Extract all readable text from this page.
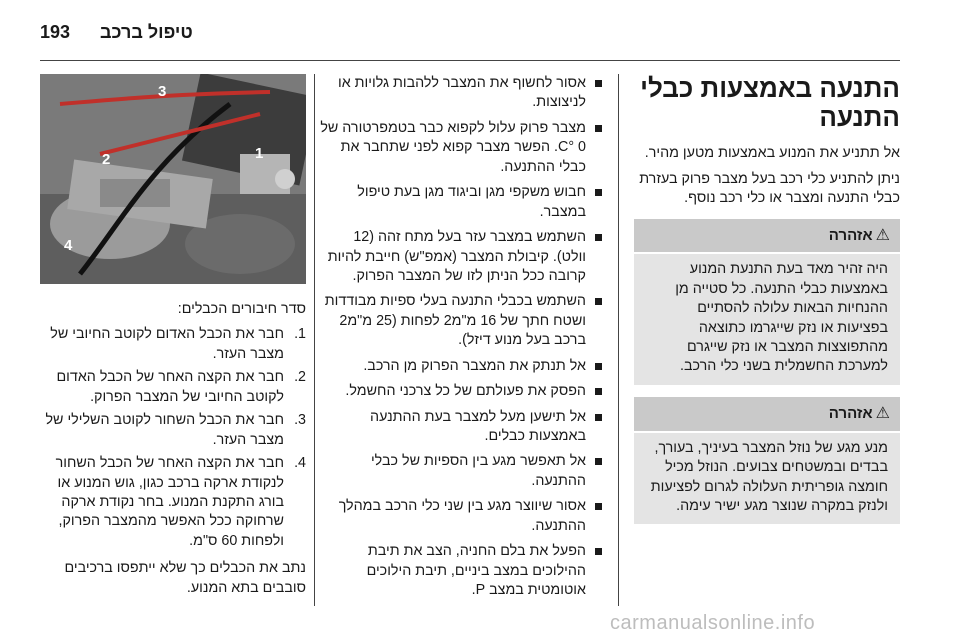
193 טיפול ברכב
התנעה באמצעות כבלי התנעה

אל תתניע את המנוע באמצעות מטען מהיר.

ניתן להתניע כלי רכב בעל מצבר פרוק בעזרת כבלי התנעה ומצבר או כלי רכב נוסף.

⚠אזהרה
היה זהיר מאד בעת התנעת המנוע באמצעות כבלי התנעה. כל סטייה מן ההנחיות הבאות עלולה להסתיים בפציעות או נזק שייגרמו כתוצאה מהתפוצצות המצבר או נזק שייגרם למערכת החשמלית בשני כלי הרכב.
⚠אזהרה
מנע מגע של נוזל המצבר בעיניך, בעורך, בבדים ובמשטחים צבועים. הנוזל מכיל חומצה גופריתית העלולה לגרום לפציעות ולנזק במקרה שנוצר מגע ישיר עימה.
אסור לחשוף את המצבר ללהבות גלויות או לניצוצות.
מצבר פרוק עלול לקפוא כבר בטמפרטורה של 0 °C. הפשר מצבר קפוא לפני שתחבר את כבלי ההתנעה.
חבוש משקפי מגן וביגוד מגן בעת טיפול במצבר.
השתמש במצבר עזר בעל מתח זהה (12 וולט). קיבולת המצבר (אמפ"ש) חייבת להיות קרובה ככל הניתן לזו של המצבר הפרוק.
השתמש בכבלי התנעה בעלי ספיות מבודדות ושטח חתך של 16 מ"מ2 לפחות (25 מ"מ2 ברכב בעל מנוע דיזל).
אל תנתק את המצבר הפרוק מן הרכב.
הפסק את פעולתם של כל צרכני החשמל.
אל תישען מעל למצבר בעת ההתנעה באמצעות כבלים.
אל תאפשר מגע בין הספיות של כבלי ההתנעה.
אסור שיווצר מגע בין שני כלי הרכב במהלך ההתנעה.
הפעל את בלם החניה, הצב את תיבת ההילוכים במצב ביניים, תיבת הילוכים אוטומטית במצב P.
3
2	1
4

סדר חיבורים הכבלים:

1.
חבר את הכבל האדום לקוטב החיובי של מצבר העזר.
2.
חבר את הקצה האחר של הכבל האדום לקוטב החיובי של המצבר הפרוק.
3.
חבר את הכבל השחור לקוטב השלילי של מצבר העזר.
4.
חבר את הקצה האחר של הכבל השחור לנקודת ארקה ברכב כגון, גוש המנוע או בורג התקנת המנוע. בחר נקודת ארקה שרחוקה ככל האפשר מהמצבר הפרוק, ולפחות 60 ס"מ.

נתב את הכבלים כך שלא ייתפסו ברכיבים סובבים בתא המנוע.

carmanualsonline.info
